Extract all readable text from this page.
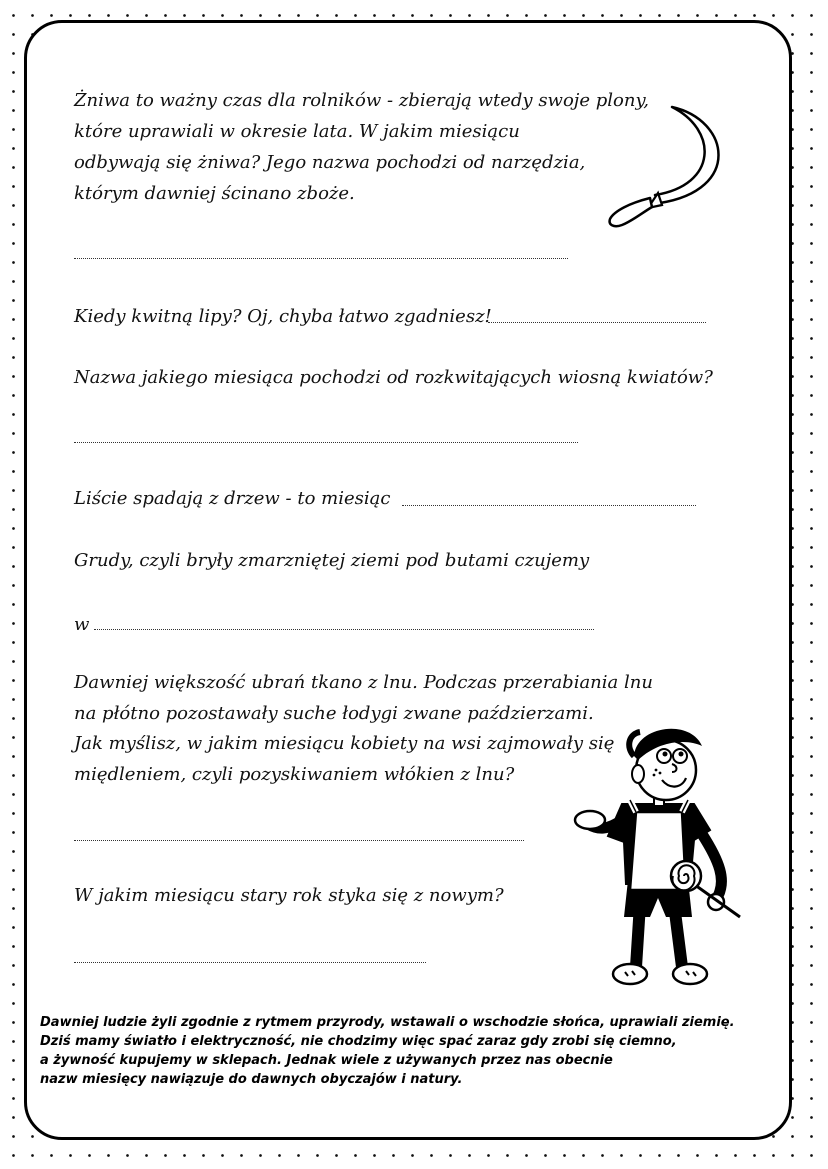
Żniwa to ważny czas dla rolników - zbierają wtedy swoje plony,
które uprawiali w okresie lata. W jakim miesiącu
odbywają się żniwa? Jego nazwa pochodzi od narzędzia,
którym dawniej ścinano zboże.
Kiedy kwitną lipy? Oj, chyba łatwo zgadniesz!
Nazwa jakiego miesiąca pochodzi od rozkwitających wiosną kwiatów?
Liście spadają z drzew - to miesiąc
Grudy, czyli bryły zmarzniętej ziemi pod butami czujemy
w
Dawniej większość ubrań tkano z lnu. Podczas przerabiania lnu
na płótno pozostawały suche łodygi zwane paździerzami.
Jak myślisz, w jakim miesiącu kobiety na wsi zajmowały się
międleniem, czyli pozyskiwaniem włókien z lnu?
W jakim miesiącu stary rok styka się z nowym?
Dawniej ludzie żyli zgodnie z rytmem przyrody, wstawali o wschodzie słońca, uprawiali ziemię.
Dziś mamy światło i elektryczność, nie chodzimy więc spać zaraz gdy zrobi się ciemno,
a żywność kupujemy w sklepach. Jednak wiele z używanych przez nas obecnie
nazw miesięcy nawiązuje do dawnych obyczajów i natury.
